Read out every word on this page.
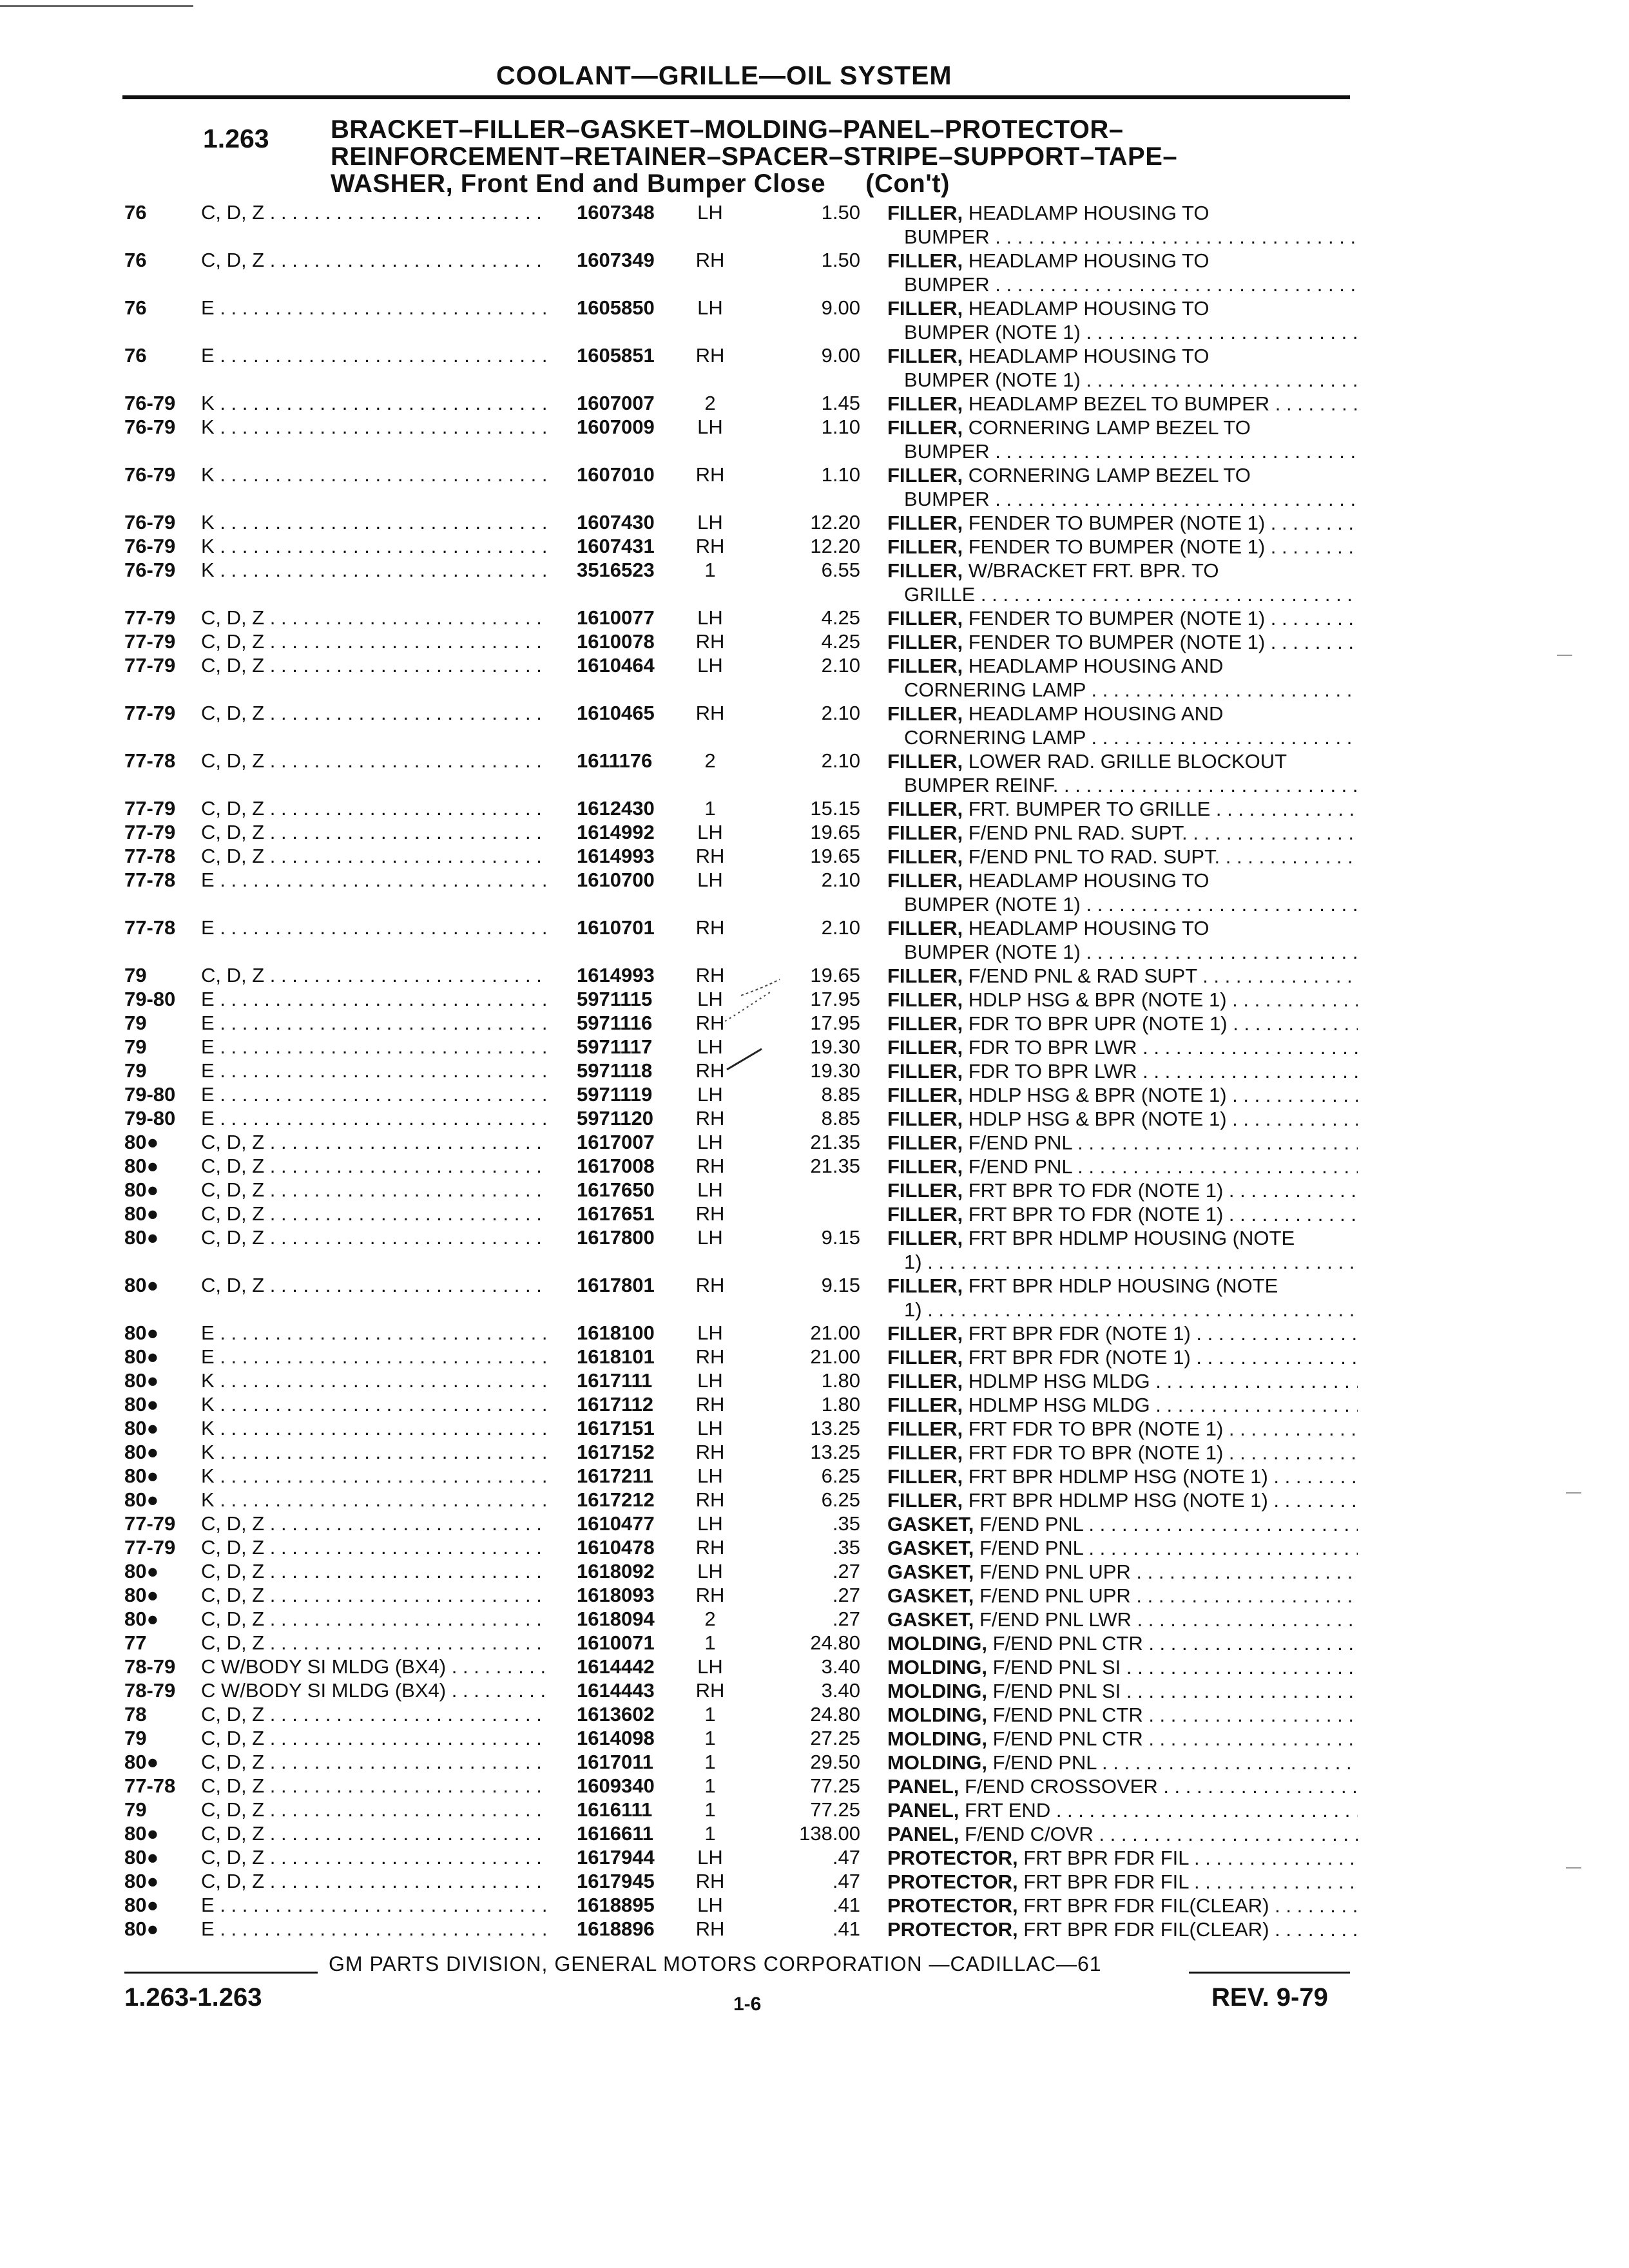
COOLANT—GRILLE—OIL SYSTEM
1.263 BRACKET–FILLER–GASKET–MOLDING–PANEL–PROTECTOR–
REINFORCEMENT–RETAINER–SPACER–STRIPE–SUPPORT–TAPE–
WASHER, Front End and Bumper Close (Con't)
76	C, D, Z . . .	1607348 LH	1.50 FILLER, HEADLAMP HOUSING TO
BUMPER . . .
76	C, D, Z . . .	1607349 RH	1.50 FILLER, HEADLAMP HOUSING TO
BUMPER . . .
76	E . . .	1605850 LH	9.00 FILLER, HEADLAMP HOUSING TO
BUMPER (NOTE 1) . . .
76	E . . .	1605851 RH	9.00 FILLER, HEADLAMP HOUSING TO
BUMPER (NOTE 1) . . .
76-79 K . . .	1607007	2	1.45 FILLER, HEADLAMP BEZEL TO BUMPER . . . . .
76-79 K . . .	1607009 LH	1.10 FILLER, CORNERING LAMP BEZEL TO
BUMPER . . .
76-79 K . . .	1607010 RH	1.10 FILLER, CORNERING LAMP BEZEL TO
BUMPER . . .
76-79 K . . .	1607430 LH	12.20 FILLER, FENDER TO BUMPER (NOTE 1) . . . . .
76-79 K . . .	1607431 RH	12.20 FILLER, FENDER TO BUMPER (NOTE 1) . . . . .
76-79 K . . .	3516523	1	6.55 FILLER, W/BRACKET FRT. BPR. TO
GRILLE . . .
77-79 C, D, Z . . .	1610077 LH	4.25 FILLER, FENDER TO BUMPER (NOTE 1) . . . . .
77-79 C, D, Z . . .	1610078 RH	4.25 FILLER, FENDER TO BUMPER (NOTE 1) . . . . .
77-79 C, D, Z . . .	1610464 LH	2.10 FILLER, HEADLAMP HOUSING AND
CORNERING LAMP . . .
77-79 C, D, Z . . .	1610465 RH	2.10 FILLER, HEADLAMP HOUSING AND
CORNERING LAMP . . .
77-78 C, D, Z . . .	1611176	2	2.10 FILLER, LOWER RAD. GRILLE BLOCKOUT
BUMPER REINF. . . .
77-79 C, D, Z . . .	1612430	1	15.15 FILLER, FRT. BUMPER TO GRILLE . . .
77-79 C, D, Z . . .	1614992 LH	19.65 FILLER, F/END PNL RAD. SUPT. . . .
77-78 C, D, Z . . .	1614993 RH	19.65 FILLER, F/END PNL TO RAD. SUPT. . . .
77-78 E . . .	1610700 LH	2.10 FILLER, HEADLAMP HOUSING TO
BUMPER (NOTE 1) . . .
77-78 E . . .	1610701 RH	2.10 FILLER, HEADLAMP HOUSING TO
BUMPER (NOTE 1) . . .
79	C, D, Z . . .	1614993 RH	19.65 FILLER, F/END PNL & RAD SUPT . . .
79-80 E . . .	5971115 LH	17.95 FILLER, HDLP HSG & BPR (NOTE 1) . . .
79	E . . .	5971116 RH	17.95 FILLER, FDR TO BPR UPR (NOTE 1) . . .
79	E . . .	5971117 LH	19.30 FILLER, FDR TO BPR LWR . . .
79	E . . .	5971118 RH	19.30 FILLER, FDR TO BPR LWR . . .
79-80 E . . .	5971119 LH	8.85 FILLER, HDLP HSG & BPR (NOTE 1) . . .
79-80 E . . .	5971120 RH	8.85 FILLER, HDLP HSG & BPR (NOTE 1) . . .
80● C, D, Z . . .	1617007 LH	21.35 FILLER, F/END PNL . . .
80● C, D, Z . . .	1617008 RH	21.35 FILLER, F/END PNL . . .
80● C, D, Z . . .	1617650 LH	FILLER, FRT BPR TO FDR (NOTE 1) . . .
80● C, D, Z . . .	1617651 RH	FILLER, FRT BPR TO FDR (NOTE 1) . . .
80● C, D, Z . . .	1617800 LH	9.15 FILLER, FRT BPR HDLMP HOUSING (NOTE
1) . . .
80● C, D, Z . . .	1617801 RH	9.15 FILLER, FRT BPR HDLP HOUSING (NOTE
1) . . .
80● E . . .	1618100 LH	21.00 FILLER, FRT BPR FDR (NOTE 1) . . .
80● E . . .	1618101 RH	21.00 FILLER, FRT BPR FDR (NOTE 1) . . .
80● K . . .	1617111 LH	1.80 FILLER, HDLMP HSG MLDG . . .
80● K . . .	1617112 RH	1.80 FILLER, HDLMP HSG MLDG . . .
80● K . . .	1617151 LH	13.25 FILLER, FRT FDR TO BPR (NOTE 1) . . .
80● K . . .	1617152 RH	13.25 FILLER, FRT FDR TO BPR (NOTE 1) . . .
80● K . . .	1617211 LH	6.25 FILLER, FRT BPR HDLMP HSG (NOTE 1) . . . . .
80● K . . .	1617212 RH	6.25 FILLER, FRT BPR HDLMP HSG (NOTE 1) . . . . .
77-79 C, D, Z . . .	1610477 LH	.35 GASKET, F/END PNL . . .
77-79 C, D, Z . . .	1610478 RH	.35 GASKET, F/END PNL . . .
80● C, D, Z . . .	1618092 LH	.27 GASKET, F/END PNL UPR . . .
80● C, D, Z . . .	1618093 RH	.27 GASKET, F/END PNL UPR . . .
80● C, D, Z . . .	1618094	2	.27 GASKET, F/END PNL LWR . . .
77	C, D, Z . . .	1610071	1	24.80 MOLDING, F/END PNL CTR . . .
78-79 C W/BODY SI MLDG (BX4) . . .	1614442 LH	3.40 MOLDING, F/END PNL SI . . .
78-79 C W/BODY SI MLDG (BX4) . . .	1614443 RH	3.40 MOLDING, F/END PNL SI . . .
78	C, D, Z . . .	1613602	1	24.80 MOLDING, F/END PNL CTR . . .
79	C, D, Z . . .	1614098	1	27.25 MOLDING, F/END PNL CTR . . .
80● C, D, Z . . .	1617011	1	29.50 MOLDING, F/END PNL . . .
77-78 C, D, Z . . .	1609340	1	77.25 PANEL, F/END CROSSOVER . . .
79	C, D, Z . . .	1616111	1	77.25 PANEL, FRT END . . .
80● C, D, Z . . .	1616611	1	138.00 PANEL, F/END C/OVR . . .
80● C, D, Z . . .	1617944 LH	.47 PROTECTOR, FRT BPR FDR FIL . . .
80● C, D, Z . . .	1617945 RH	.47 PROTECTOR, FRT BPR FDR FIL . . .
80● E . . .	1618895 LH	.41 PROTECTOR, FRT BPR FDR FIL(CLEAR) . . . . .
80● E . . .	1618896 RH	.41 PROTECTOR, FRT BPR FDR FIL(CLEAR) . . . . .
GM PARTS DIVISION, GENERAL MOTORS CORPORATION —CADILLAC—61
1.263-1.263	1-6	REV. 9-79
